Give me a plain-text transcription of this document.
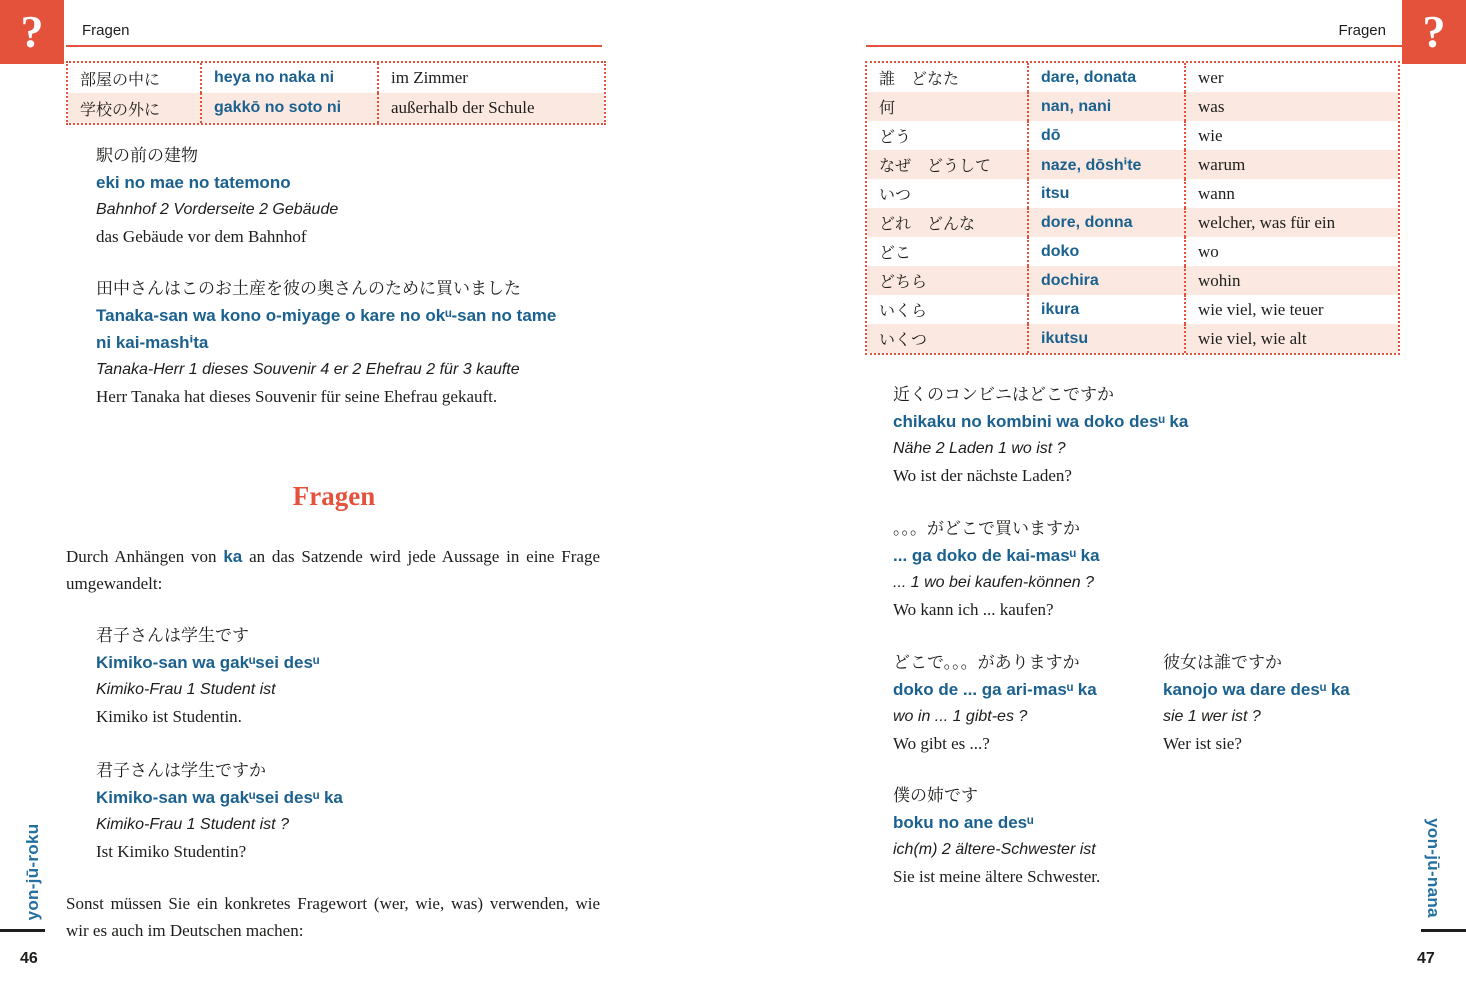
?	Fragen
部屋の中に	heya no naka ni	im Zimmer
学校の外に	gakkō no soto ni	außerhalb der Schule
駅の前の建物
eki no mae no tatemono
Bahnhof 2 Vorderseite 2 Gebäude
das Gebäude vor dem Bahnhof
田中さんはこのお土産を彼の奥さんのために買いました
Tanaka-san wa kono o-miyage o kare no okᵘ-san no tame ni kai-mashⁱta
Tanaka-Herr 1 dieses Souvenir 4 er 2 Ehefrau 2 für 3 kaufte
Herr Tanaka hat dieses Souvenir für seine Ehefrau gekauft.
Fragen

Durch Anhängen von ka an das Satzende wird jede Aussage in eine Frage umgewandelt:

君子さんは学生です
Kimiko-san wa gakᵘsei desᵘ
Kimiko-Frau 1 Student ist
Kimiko ist Studentin.
君子さんは学生ですか
Kimiko-san wa gakᵘsei desᵘ ka
Kimiko-Frau 1 Student ist ?
Ist Kimiko Studentin?

Sonst müssen Sie ein konkretes Fragewort (wer, wie, was) verwenden, wie wir es auch im Deutschen machen:

yon-jū-roku
46
?
Fragen
誰　どなた	dare, donata	wer
何	nan, nani	was
どう	dō	wie
なぜ　どうして	naze, dōshⁱte	warum
いつ	itsu	wann
どれ　どんな	dore, donna	welcher, was für ein
どこ	doko	wo
どちら	dochira	wohin
いくら	ikura	wie viel, wie teuer
いくつ	ikutsu	wie viel, wie alt
近くのコンビニはどこですか
chikaku no kombini wa doko desᵘ ka
Nähe 2 Laden 1 wo ist ?
Wo ist der nächste Laden?
。。。がどこで買いますか
... ga doko de kai-masᵘ ka
... 1 wo bei kaufen-können ?
Wo kann ich ... kaufen?
どこで。。。がありますか
doko de ... ga ari-masᵘ ka
wo in ... 1 gibt-es ?
Wo gibt es ...?
彼女は誰ですか
kanojo wa dare desᵘ ka
sie 1 wer ist ?
Wer ist sie?
僕の姉です
boku no ane desᵘ
ich(m) 2 ältere-Schwester ist
Sie ist meine ältere Schwester.	yon-jū-nana
47
